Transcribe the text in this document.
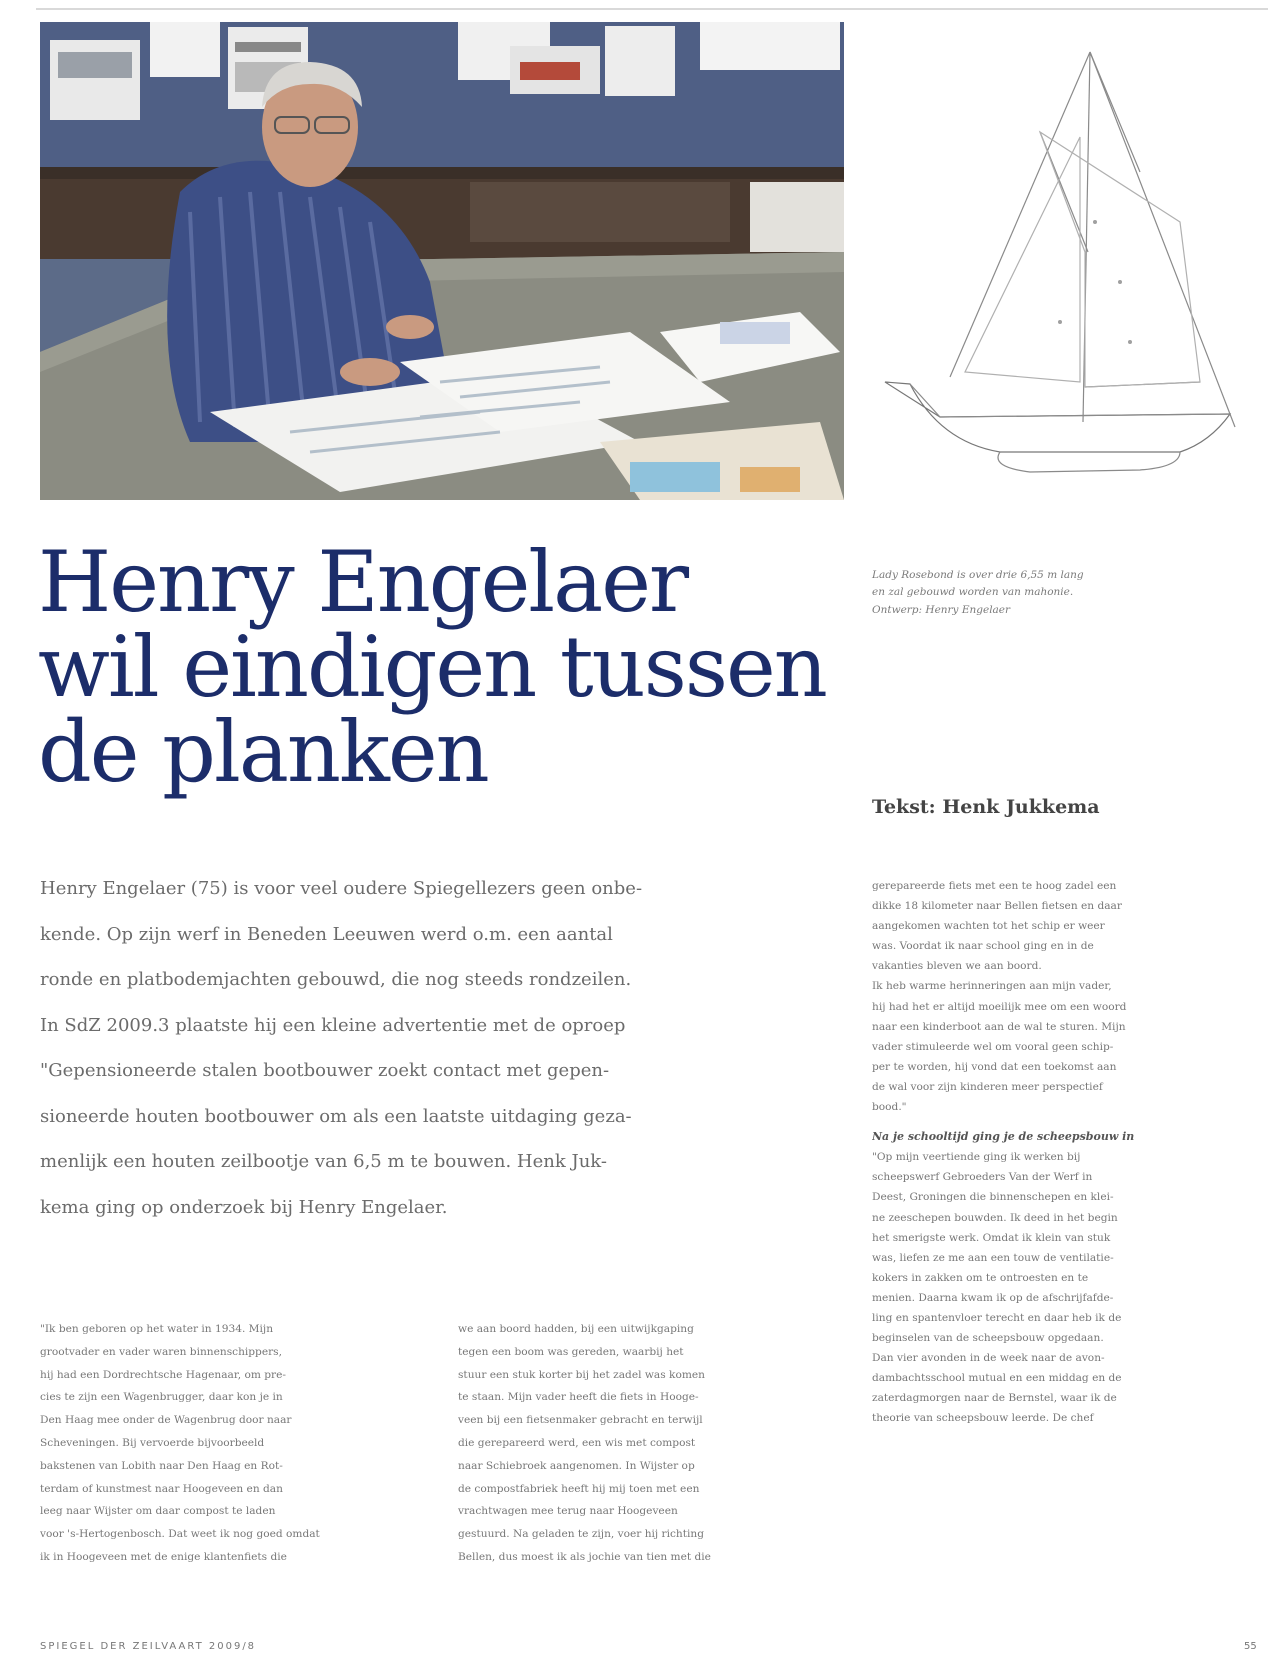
Lady Rosebond is over drie 6,55 m lang
en zal gebouwd worden van mahonie.
Ontwerp: Henry Engelaer
Henry Engelaer
wil eindigen tussen
de planken
Tekst: Henk Jukkema
Henry Engelaer (75) is voor veel oudere Spiegellezers geen onbe-
kende. Op zijn werf in Beneden Leeuwen werd o.m. een aantal
ronde en platbodemjachten gebouwd, die nog steeds rondzeilen.
In SdZ 2009.3 plaatste hij een kleine advertentie met de oproep
"Gepensioneerde stalen bootbouwer zoekt contact met gepen-
sioneerde houten bootbouwer om als een laatste uitdaging geza-
menlijk een houten zeilbootje van 6,5 m te bouwen. Henk Juk-
kema ging op onderzoek bij Henry Engelaer.
"Ik ben geboren op het water in 1934. Mijn
grootvader en vader waren binnenschippers,
hij had een Dordrechtsche Hagenaar, om pre-
cies te zijn een Wagenbrugger, daar kon je in
Den Haag mee onder de Wagenbrug door naar
Scheveningen. Bij vervoerde bijvoorbeeld
bakstenen van Lobith naar Den Haag en Rot-
terdam of kunstmest naar Hoogeveen en dan
leeg naar Wijster om daar compost te laden
voor 's-Hertogenbosch. Dat weet ik nog goed omdat
ik in Hoogeveen met de enige klantenfiets die
we aan boord hadden, bij een uitwijkgaping
tegen een boom was gereden, waarbij het
stuur een stuk korter bij het zadel was komen
te staan. Mijn vader heeft die fiets in Hooge-
veen bij een fietsenmaker gebracht en terwijl
die gerepareerd werd, een wis met compost
naar Schiebroek aangenomen. In Wijster op
de compostfabriek heeft hij mij toen met een
vrachtwagen mee terug naar Hoogeveen
gestuurd. Na geladen te zijn, voer hij richting
Bellen, dus moest ik als jochie van tien met die
gerepareerde fiets met een te hoog zadel een
dikke 18 kilometer naar Bellen fietsen en daar
aangekomen wachten tot het schip er weer
was. Voordat ik naar school ging en in de
vakanties bleven we aan boord.
Ik heb warme herinneringen aan mijn vader,
hij had het er altijd moeilijk mee om een woord
naar een kinderboot aan de wal te sturen. Mijn
vader stimuleerde wel om vooral geen schip-
per te worden, hij vond dat een toekomst aan
de wal voor zijn kinderen meer perspectief
bood."
Na je schooltijd ging je de scheepsbouw in
"Op mijn veertiende ging ik werken bij
scheepswerf Gebroeders Van der Werf in
Deest, Groningen die binnenschepen en klei-
ne zeeschepen bouwden. Ik deed in het begin
het smerigste werk. Omdat ik klein van stuk
was, liefen ze me aan een touw de ventilatie-
kokers in zakken om te ontroesten en te
menien. Daarna kwam ik op de afschrijfafde-
ling en spantenvloer terecht en daar heb ik de
beginselen van de scheepsbouw opgedaan.
Dan vier avonden in de week naar de avon-
dambachtsschool mutual en een middag en de
zaterdagmorgen naar de Bernstel, waar ik de
theorie van scheepsbouw leerde. De chef
SPIEGEL DER ZEILVAART 2009/8	55
